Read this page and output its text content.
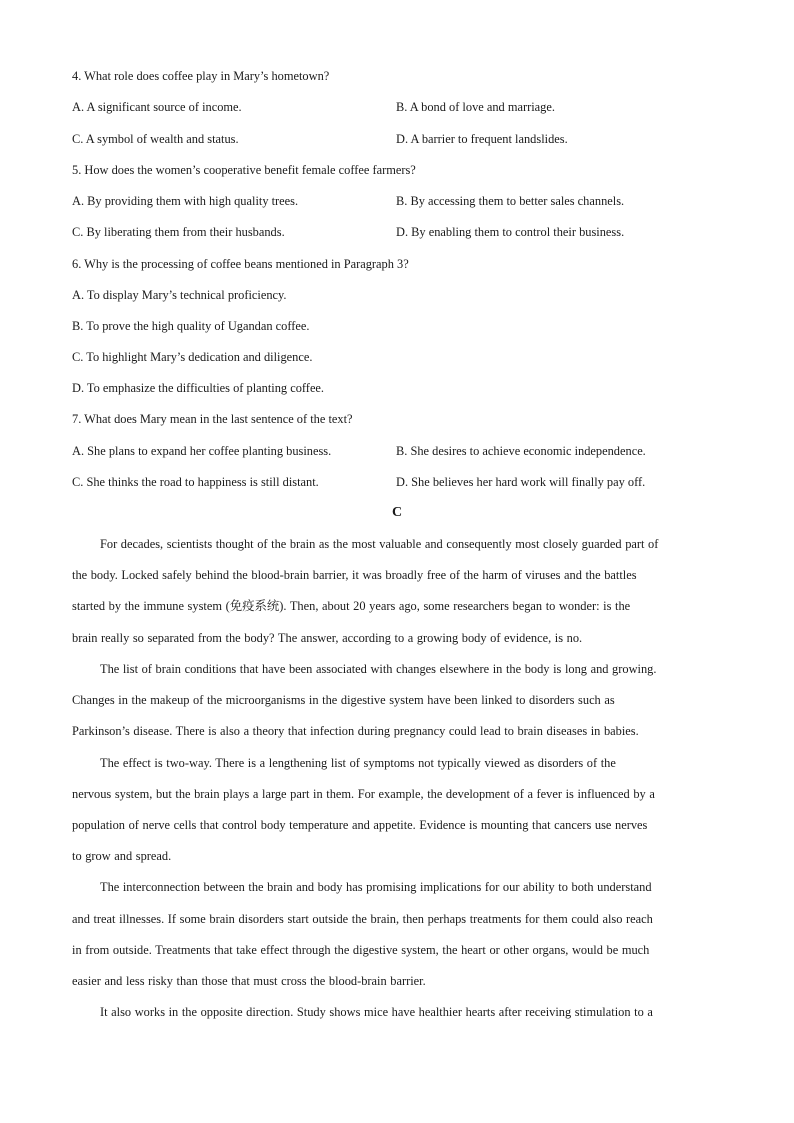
4. What role does coffee play in Mary’s hometown?
A. A significant source of income.	B. A bond of love and marriage.
C. A symbol of wealth and status.	D. A barrier to frequent landslides.
5. How does the women’s cooperative benefit female coffee farmers?
A. By providing them with high quality trees.	B. By accessing them to better sales channels.
C. By liberating them from their husbands.	D. By enabling them to control their business.
6. Why is the processing of coffee beans mentioned in Paragraph 3?
A. To display Mary’s technical proficiency.
B. To prove the high quality of Ugandan coffee.
C. To highlight Mary’s dedication and diligence.
D. To emphasize the difficulties of planting coffee.
7. What does Mary mean in the last sentence of the text?
A. She plans to expand her coffee planting business.	B. She desires to achieve economic independence.
C. She thinks the road to happiness is still distant.	D. She believes her hard work will finally pay off.
C
For decades, scientists thought of the brain as the most valuable and consequently most closely guarded part of
the body. Locked safely behind the blood-brain barrier, it was broadly free of the harm of viruses and the battles
started by the immune system (免疫系统). Then, about 20 years ago, some researchers began to wonder: is the
brain really so separated from the body? The answer, according to a growing body of evidence, is no.
The list of brain conditions that have been associated with changes elsewhere in the body is long and growing.
Changes in the makeup of the microorganisms in the digestive system have been linked to disorders such as
Parkinson’s disease. There is also a theory that infection during pregnancy could lead to brain diseases in babies.
The effect is two-way. There is a lengthening list of symptoms not typically viewed as disorders of the
nervous system, but the brain plays a large part in them. For example, the development of a fever is influenced by a
population of nerve cells that control body temperature and appetite. Evidence is mounting that cancers use nerves
to grow and spread.
The interconnection between the brain and body has promising implications for our ability to both understand
and treat illnesses. If some brain disorders start outside the brain, then perhaps treatments for them could also reach
in from outside. Treatments that take effect through the digestive system, the heart or other organs, would be much
easier and less risky than those that must cross the blood-brain barrier.
It also works in the opposite direction. Study shows mice have healthier hearts after receiving stimulation to a
